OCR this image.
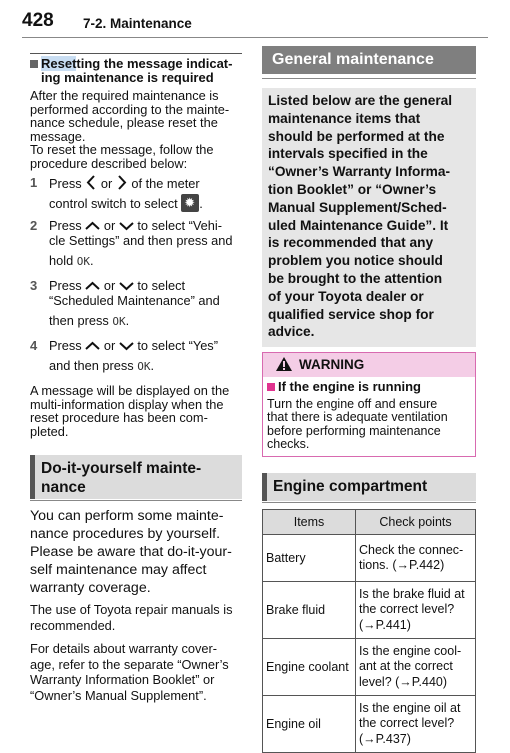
428 7-2. Maintenance
Resetting the message indicat-
ing maintenance is required
After the required maintenance is
performed according to the mainte-
nance schedule, please reset the
message.
To reset the message, follow the
procedure described below:
1 Press or of the meter
control switch to select ✹ .
2 Press or to select “Vehi-
cle Settings” and then press and
hold OK.
3 Press or to select
“Scheduled Maintenance” and
then press OK.
4 Press or to select “Yes”
and then press OK.
A message will be displayed on the
multi-information display when the
reset procedure has been com-
pleted.
Do-it-yourself mainte-
nance
You can perform some mainte-
nance procedures by yourself.
Please be aware that do-it-your-
self maintenance may affect
warranty coverage.
The use of Toyota repair manuals is
recommended.
For details about warranty cover-
age, refer to the separate “Owner’s
Warranty Information Booklet” or
“Owner’s Manual Supplement”.
General maintenance
Listed below are the general
maintenance items that
should be performed at the
intervals specified in the
“Owner’s Warranty Informa-
tion Booklet” or “Owner’s
Manual Supplement/Sched-
uled Maintenance Guide”. It
is recommended that any
problem you notice should
be brought to the attention
of your Toyota dealer or
qualified service shop for
advice.
WARNING
If the engine is running
Turn the engine off and ensure
that there is adequate ventilation
before performing maintenance
checks.
Engine compartment
Items	Check points
Battery	Check the connec-
tions. (→P.442)

Brake fluid	Is the brake fluid at
the correct level?
(→P.441)

Engine coolant	Is the engine cool-
ant at the correct
level? (→P.440)

Engine oil	Is the engine oil at
the correct level?
(→P.437)
